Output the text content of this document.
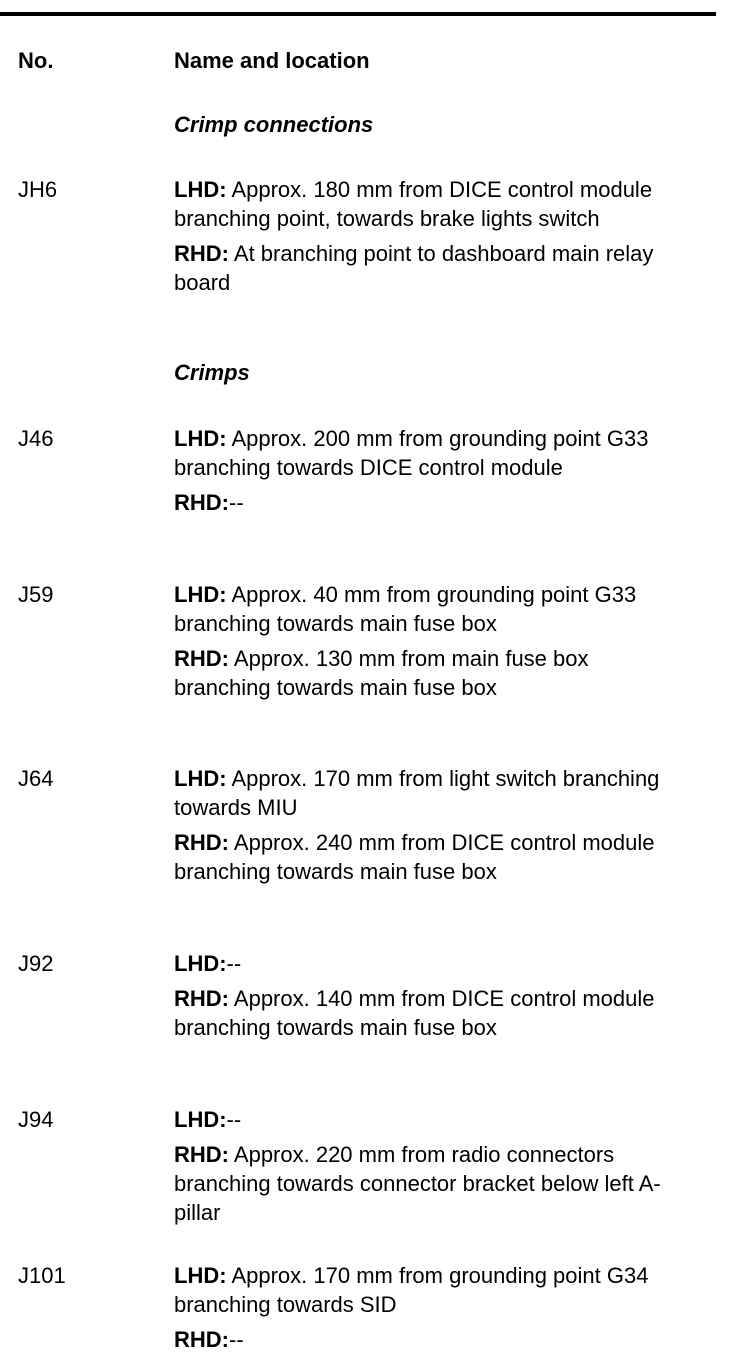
No.	Name and location
Crimp connections
JH6	LHD: Approx. 180 mm from DICE control module branching point, towards brake lights switch

RHD: At branching point to dashboard main relay board

Crimps
J46	LHD: Approx. 200 mm from grounding point G33 branching towards DICE control module

RHD:--

J59	LHD: Approx. 40 mm from grounding point G33 branching towards main fuse box

RHD: Approx. 130 mm from main fuse box branching towards main fuse box

J64	LHD: Approx. 170 mm from light switch branching towards MIU

RHD: Approx. 240 mm from DICE control module branching towards main fuse box

J92	LHD:--

RHD: Approx. 140 mm from DICE control module branching towards main fuse box

J94	LHD:--

RHD: Approx. 220 mm from radio connectors branching towards connector bracket below left A-pillar

J101	LHD: Approx. 170 mm from grounding point G34 branching towards SID

RHD:--
